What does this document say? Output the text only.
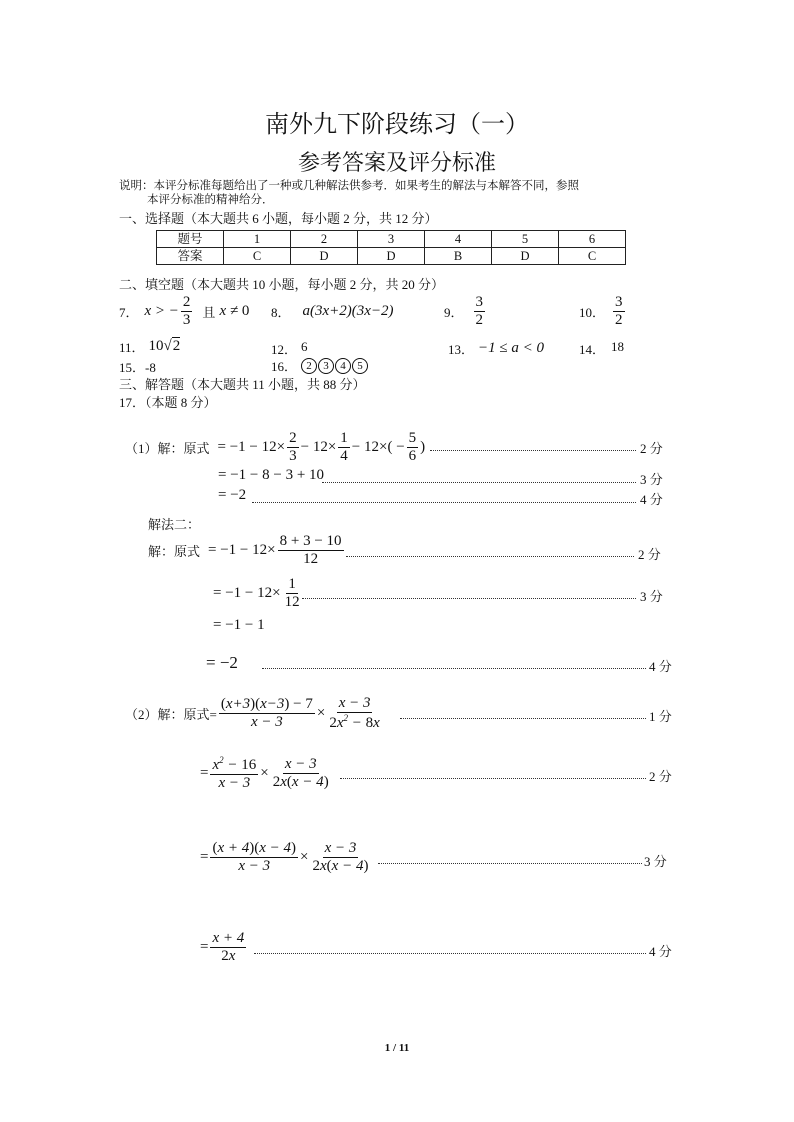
南外九下阶段练习（一）
参考答案及评分标准
说明：本评分标准每题给出了一种或几种解法供参考．如果考生的解法与本解答不同，参照
本评分标准的精神给分．
一、选择题（本大题共 6 小题，每小题 2 分，共 12 分）
题号	1	2	3	4	5	6
答案	C	D	D	B	D	C
二、填空题（本大题共 10 小题，每小题 2 分，共 20 分）
7． x > − $\frac{2}{3}$ 且 x ≠ 0 8． a(3x+2)(3x−2)	9． $\frac{3}{2}$	10． $\frac{3}{2}$
11． 10√2	12． 6	13． −1 ≤ a < 0	14． 18
15．-8	16． 2 3 4 5
三、解答题（本大题共 11 小题，共 88 分）
17．（本题 8 分）
（1）解：原式 = $-1 - 12\times \frac{2}{3} - 12\times \frac{1}{4} - 12\times( - \frac{5}{6}$ )	2 分
= −1 − 8 − 3 + 10	3 分
= −2	4 分
解法二：
解：原式 = $-1 - 12\times \frac{8 + 3 - 10}{12}$	2 分
= $-1 - 12\times \frac{1}{12}$	3 分
= −1 − 1
= −2	4 分
（2）解：原式= $\frac{(x+3)(x-3) - 7}{x - 3} \times \frac{x - 3}{2x^2 - 8x}$	1 分
= $\frac{x^2 - 16}{x - 3} \times \frac{x - 3}{2x(x - 4)}$	2 分
= $\frac{(x + 4)(x - 4)}{x - 3} \times \frac{x - 3}{2x(x - 4)}$	3 分
= $\frac{x + 4}{2x}$	4 分
1 / 11
